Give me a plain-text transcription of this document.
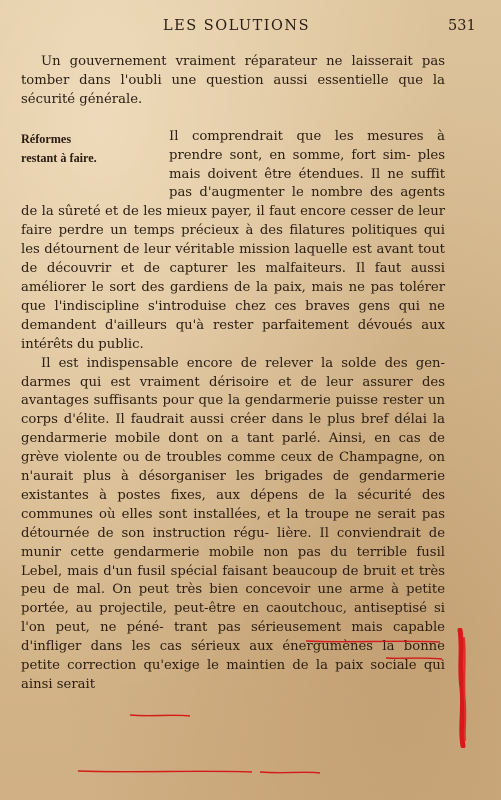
LES SOLUTIONS	531

Un gouvernement vraiment réparateur ne laisserait pas tomber dans l'oubli une question aussi essentielle que la sécurité générale.

Réformes
restant à faire.
Il comprendrait que les mesures à prendre sont, en somme, fort sim- ples mais doivent être étendues. Il ne suffit pas d'augmenter le nombre des agents de la sûreté et de les mieux payer, il faut encore cesser de leur faire perdre un temps précieux à des filatures politiques qui les détournent de leur véritable mission laquelle est avant tout de découvrir et de capturer les malfaiteurs. Il faut aussi améliorer le sort des gardiens de la paix, mais ne pas tolérer que l'indiscipline s'introduise chez ces braves gens qui ne demandent d'ailleurs qu'à rester parfaitement dévoués aux intérêts du public.

Il est indispensable encore de relever la solde des gen- darmes qui est vraiment dérisoire et de leur assurer des avantages suffisants pour que la gendarmerie puisse rester un corps d'élite. Il faudrait aussi créer dans le plus bref délai la gendarmerie mobile dont on a tant parlé. Ainsi, en cas de grève violente ou de troubles comme ceux de Champagne, on n'aurait plus à désorganiser les brigades de gendarmerie existantes à postes fixes, aux dépens de la sécurité des communes où elles sont installées, et la troupe ne serait pas détournée de son instruction régu- lière. Il conviendrait de munir cette gendarmerie mobile non pas du terrible fusil Lebel, mais d'un fusil spécial faisant beaucoup de bruit et très peu de mal. On peut très bien concevoir une arme à petite portée, au projectile, peut-être en caoutchouc, antiseptisé si l'on peut, ne péné- trant pas sérieusement mais capable d'infliger dans les cas sérieux aux énergumènes la bonne petite correction qu'exige le maintien de la paix sociale qui ainsi serait
